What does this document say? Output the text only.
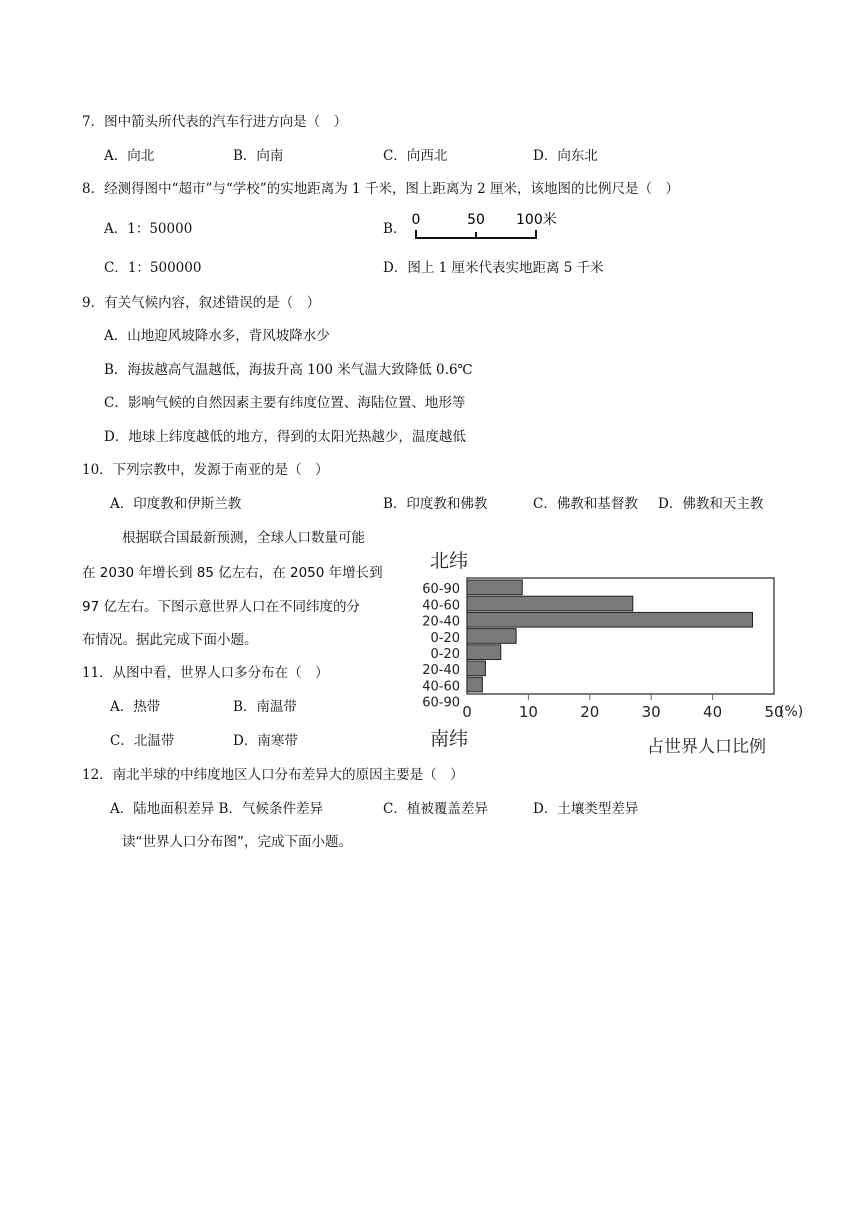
7．图中箭头所代表的汽车行进方向是（　）
A．向北	B．向南	C．向西北	D．向东北
8．经测得图中“超市”与“学校”的实地距离为 1 千米，图上距离为 2 厘米，该地图的比例尺是（　）
A．1：50000	B．
0	50 100米
C．1：500000	D．图上 1 厘米代表实地距离 5 千米
9．有关气候内容，叙述错误的是（　）
A．山地迎风坡降水多，背风坡降水少
B．海拔越高气温越低，海拔升高 100 米气温大致降低 0.6℃
C．影响气候的自然因素主要有纬度位置、海陆位置、地形等
D．地球上纬度越低的地方，得到的太阳光热越少，温度越低
10．下列宗教中，发源于南亚的是（　）
A．印度教和伊斯兰教	B．印度教和佛教	C．佛教和基督教 D．佛教和天主教
根据联合国最新预测，全球人口数量可能
在 2030 年增长到 85 亿左右，在 2050 年增长到
97 亿左右。下图示意世界人口在不同纬度的分
布情况。据此完成下面小题。
11．从图中看，世界人口多分布在（　）
A．热带	B．南温带
C．北温带	D．南寒带
12．南北半球的中纬度地区人口分布差异大的原因主要是（　）
A．陆地面积差异 B．气候条件差异	C．植被覆盖差异	D．土壤类型差异
读“世界人口分布图”，完成下面小题。
北纬
南纬
60-90
40-60
20-40
0-20
0-20
20-40
40-60
60-90 0	10	20	30	40	50
(%)
占世界人口比例
